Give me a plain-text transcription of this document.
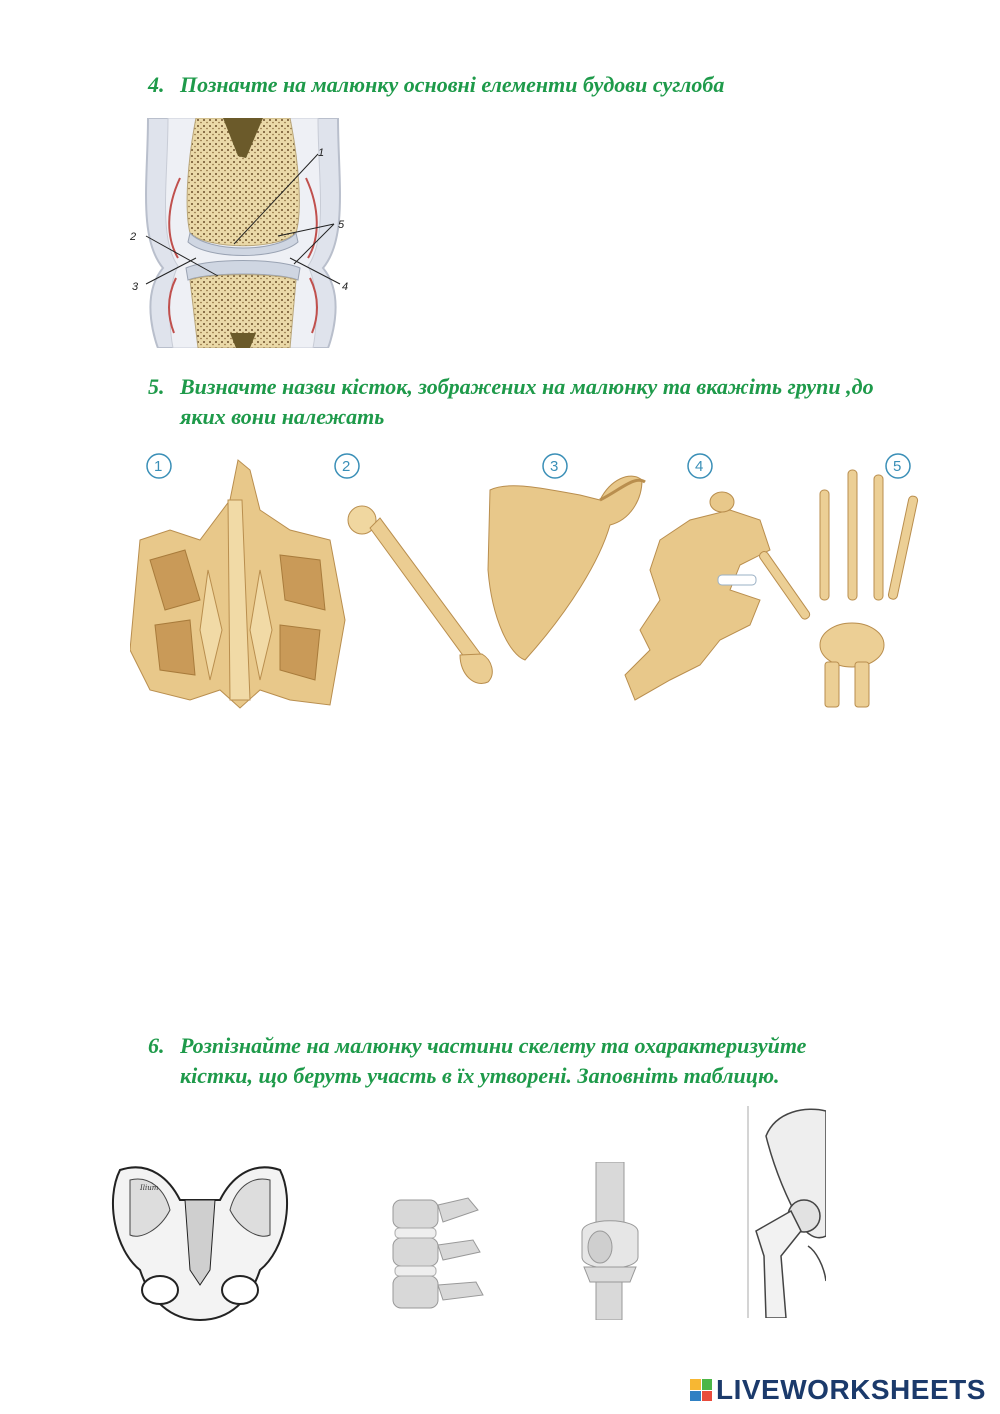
4. Позначте на малюнку основні елементи будови суглоба
1
2
3	4
5
5. Визначте назви кісток, зображених на малюнку та вкажіть групи ,до
яких вони належать
1	2	3	4	5
6. Розпізнайте на малюнку частини скелету та охарактеризуйте
кістки, що беруть участь в їх утворені. Заповніть таблицю.
Ilium
LIVEWORKSHEETS
